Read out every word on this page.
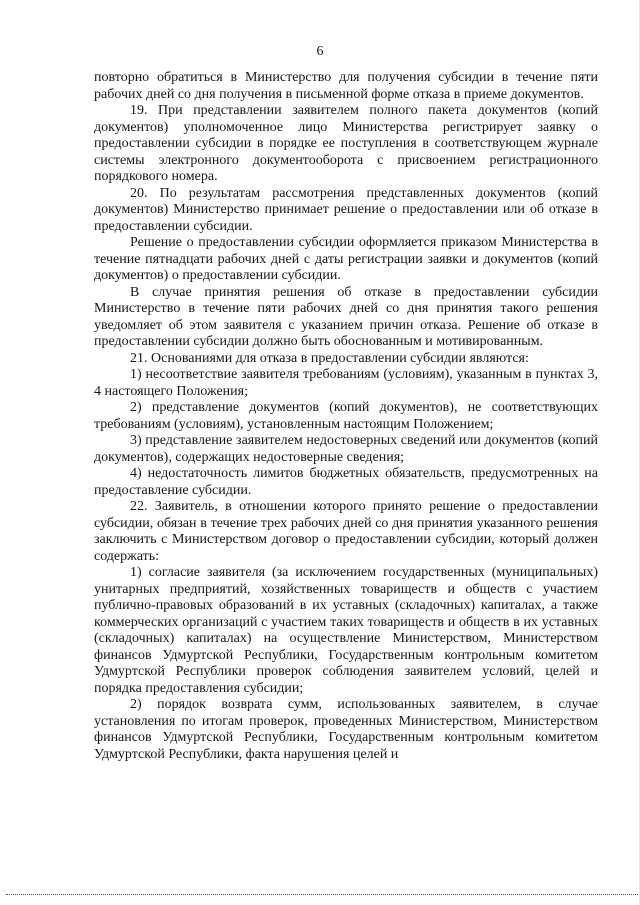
6

повторно обратиться в Министерство для получения субсидии в течение пяти рабочих дней со дня получения в письменной форме отказа в приеме документов.

19. При представлении заявителем полного пакета документов (копий документов) уполномоченное лицо Министерства регистрирует заявку о предоставлении субсидии в порядке ее поступления в соответствующем журнале системы электронного документооборота с присвоением регистрационного порядкового номера.

20. По результатам рассмотрения представленных документов (копий документов) Министерство принимает решение о предоставлении или об отказе в предоставлении субсидии.

Решение о предоставлении субсидии оформляется приказом Министерства в течение пятнадцати рабочих дней с даты регистрации заявки и документов (копий документов) о предоставлении субсидии.

В случае принятия решения об отказе в предоставлении субсидии Министерство в течение пяти рабочих дней со дня принятия такого решения уведомляет об этом заявителя с указанием причин отказа. Решение об отказе в предоставлении субсидии должно быть обоснованным и мотивированным.

21. Основаниями для отказа в предоставлении субсидии являются:

1) несоответствие заявителя требованиям (условиям), указанным в пунктах 3, 4 настоящего Положения;

2) представление документов (копий документов), не соответствующих требованиям (условиям), установленным настоящим Положением;

3) представление заявителем недостоверных сведений или документов (копий документов), содержащих недостоверные сведения;

4) недостаточность лимитов бюджетных обязательств, предусмотренных на предоставление субсидии.

22. Заявитель, в отношении которого принято решение о предоставлении субсидии, обязан в течение трех рабочих дней со дня принятия указанного решения заключить с Министерством договор о предоставлении субсидии, который должен содержать:

1) согласие заявителя (за исключением государственных (муниципальных) унитарных предприятий, хозяйственных товариществ и обществ с участием публично-правовых образований в их уставных (складочных) капиталах, а также коммерческих организаций с участием таких товариществ и обществ в их уставных (складочных) капиталах) на осуществление Министерством, Министерством финансов Удмуртской Республики, Государственным контрольным комитетом Удмуртской Республики проверок соблюдения заявителем условий, целей и порядка предоставления субсидии;

2) порядок возврата сумм, использованных заявителем, в случае установления по итогам проверок, проведенных Министерством, Министерством финансов Удмуртской Республики, Государственным контрольным комитетом Удмуртской Республики, факта нарушения целей и
